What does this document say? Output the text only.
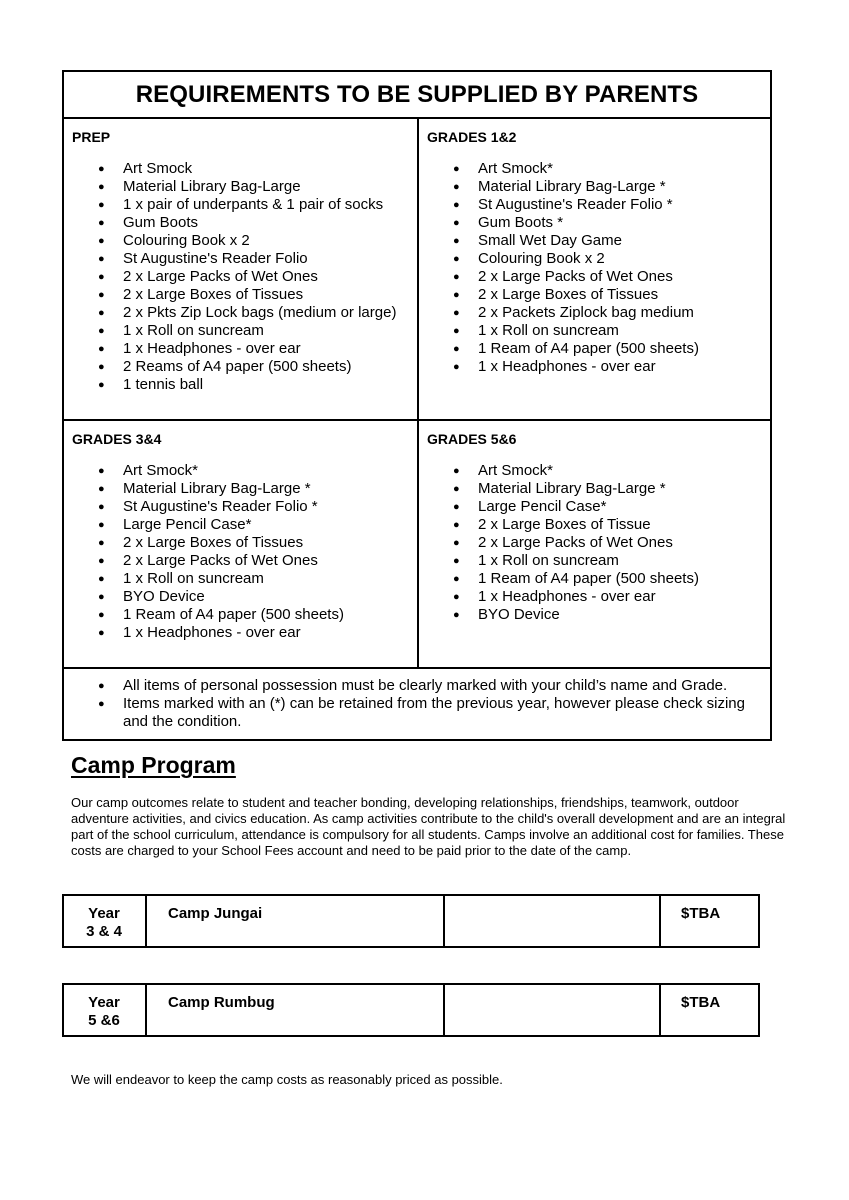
REQUIREMENTS TO BE SUPPLIED BY PARENTS
PREP
● Art Smock
● Material Library Bag-Large
● 1 x pair of underpants & 1 pair of socks
● Gum Boots
● Colouring Book x 2
● St Augustine's Reader Folio
● 2 x Large Packs of Wet Ones
● 2 x Large Boxes of Tissues
● 2 x Pkts Zip Lock bags (medium or large)
● 1 x Roll on suncream
● 1 x Headphones - over ear
● 2 Reams of A4 paper (500 sheets)
● 1 tennis ball
GRADES 1&2
● Art Smock*
● Material Library Bag-Large *
● St Augustine's Reader Folio *
● Gum Boots *
● Small Wet Day Game
● Colouring Book x 2
● 2 x Large Packs of Wet Ones
● 2 x Large Boxes of Tissues
● 2 x Packets Ziplock bag medium
● 1 x Roll on suncream
● 1 Ream of A4 paper (500 sheets)
● 1 x Headphones - over ear
GRADES 3&4
● Art Smock*
● Material Library Bag-Large *
● St Augustine's Reader Folio *
● Large Pencil Case*
● 2 x Large Boxes of Tissues
● 2 x Large Packs of Wet Ones
● 1 x Roll on suncream
● BYO Device
● 1 Ream of A4 paper (500 sheets)
● 1 x Headphones - over ear
GRADES 5&6
● Art Smock*
● Material Library Bag-Large *
● Large Pencil Case*
● 2 x Large Boxes of Tissue
● 2 x Large Packs of Wet Ones
● 1 x Roll on suncream
● 1 Ream of A4 paper (500 sheets)
● 1 x Headphones - over ear
● BYO Device
● All items of personal possession must be clearly marked with your child’s name and Grade.
● Items marked with an (*) can be retained from the previous year, however please check sizing and the condition.
Camp Program
Our camp outcomes relate to student and teacher bonding, developing relationships, friendships, teamwork, outdoor adventure activities, and civics education. As camp activities contribute to the child's overall development and are an integral part of the school curriculum, attendance is compulsory for all students. Camps involve an additional cost for families. These costs are charged to your School Fees account and need to be paid prior to the date of the camp.
Year
3 & 4
Camp Jungai	$TBA
Year
5 &6
Camp Rumbug	$TBA
We will endeavor to keep the camp costs as reasonably priced as possible.
